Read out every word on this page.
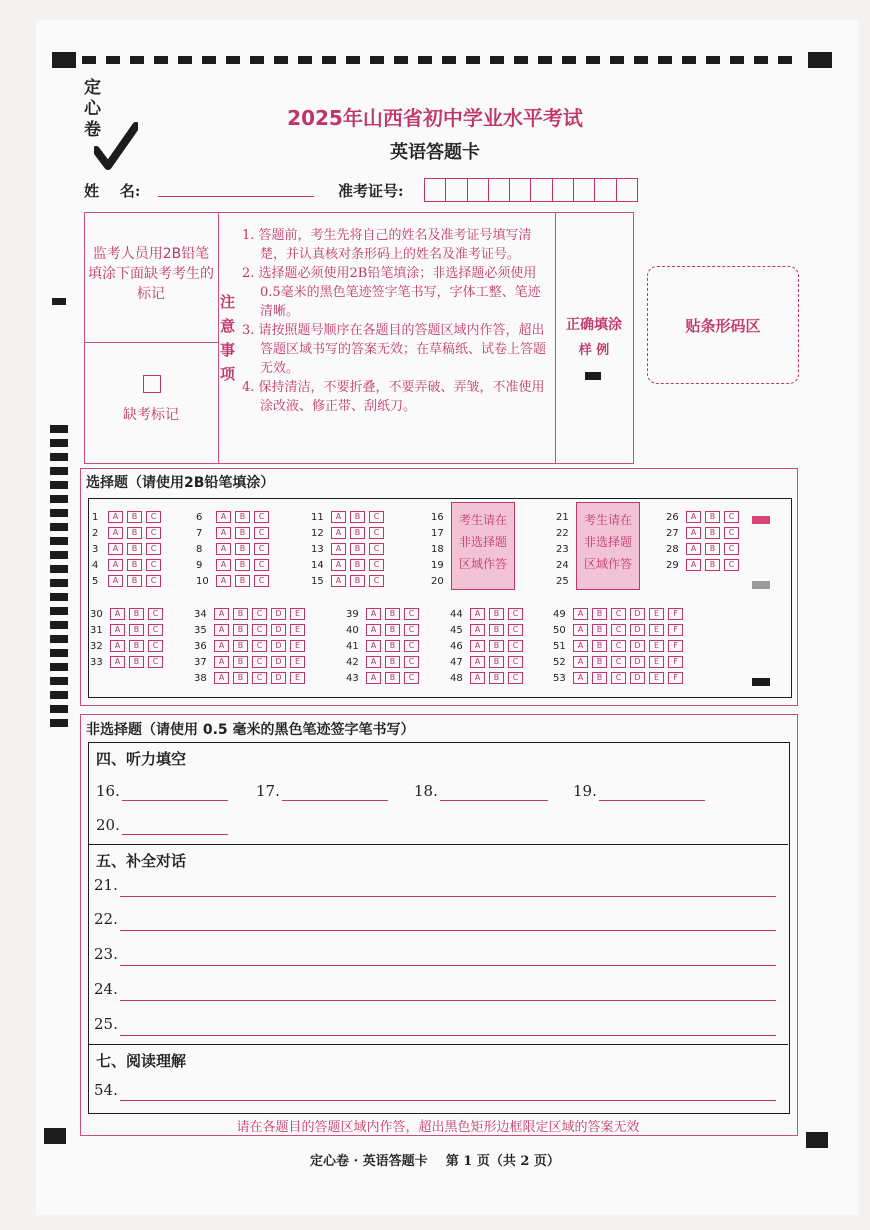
定心卷	2025年山西省初中学业水平考试
英语答题卡
姓    名:	准考证号:
监考人员用2B铅笔填涂下面缺考考生的标记
缺考标记
注意事项
1. 答题前，考生先将自己的姓名及准考证号填写清楚，并认真核对条形码上的姓名及准考证号。
2. 选择题必须使用2B铅笔填涂；非选择题必须使用0.5毫米的黑色笔迹签字笔书写，字体工整、笔迹清晰。
3. 请按照题号顺序在各题目的答题区域内作答，超出答题区域书写的答案无效；在草稿纸、试卷上答题无效。
4. 保持清洁，不要折叠，不要弄破、弄皱，不准使用涂改液、修正带、刮纸刀。
正确填涂
样 例
贴条形码区
选择题（请使用2B铅笔填涂）
1 A B C
2 A B C
3 A B C
4 A B C
5 A B C
6 A B C
7 A B C
8 A B C
9 A B C
10 A B C
11 A B C
12 A B C
13 A B C
14 A B C
15 A B C
16
17
18
19
20
21
22
23
24
25
26 A B C
27 A B C
28 A B C
29 A B C
30 A B C
31 A B C
32 A B C
33 A B C
34 A B C D E
35 A B C D E
36 A B C D E
37 A B C D E
38 A B C D E
39 A B C
40 A B C
41 A B C
42 A B C
43 A B C
44 A B C
45 A B C
46 A B C
47 A B C
48 A B C
49 A B C D E F
50 A B C D E F
51 A B C D E F
52 A B C D E F
53 A B C D E F
考生请在
非选择题
区域作答
考生请在
非选择题
区域作答
非选择题（请使用 0.5 毫米的黑色笔迹签字笔书写）
四、听力填空
16.	17.	18.	19.
20.
五、补全对话
21.
22.
23.
24.
25.
七、阅读理解
54.
请在各题目的答题区域内作答，超出黑色矩形边框限定区域的答案无效
定心卷 · 英语答题卡    第 1 页（共 2 页）
